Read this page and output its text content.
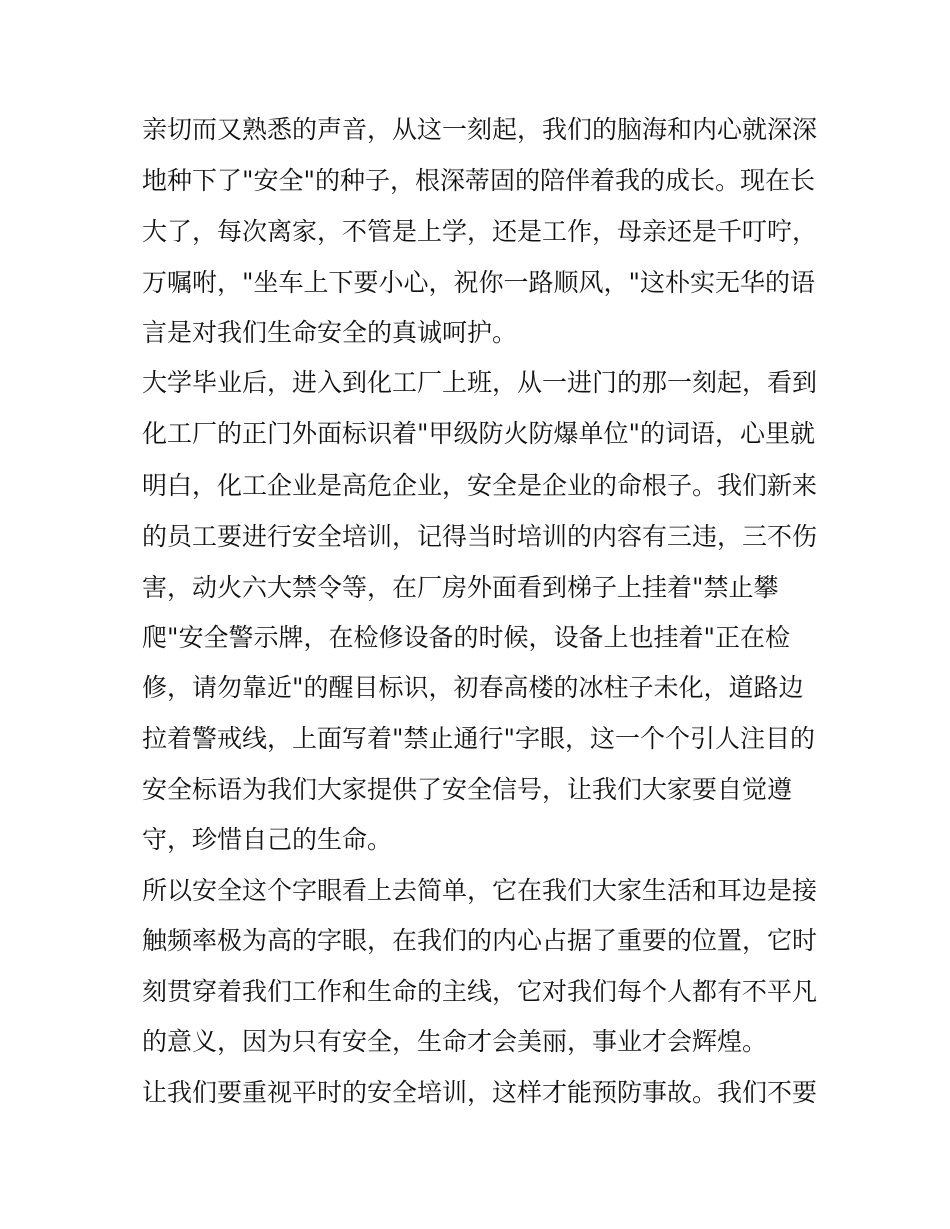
亲切而又熟悉的声音，从这一刻起，我们的脑海和内心就深深

地种下了"安全"的种子，根深蒂固的陪伴着我的成长。现在长

大了，每次离家，不管是上学，还是工作，母亲还是千叮咛，

万嘱咐，"坐车上下要小心，祝你一路顺风，"这朴实无华的语

言是对我们生命安全的真诚呵护。

大学毕业后，进入到化工厂上班，从一进门的那一刻起，看到

化工厂的正门外面标识着"甲级防火防爆单位"的词语，心里就

明白，化工企业是高危企业，安全是企业的命根子。我们新来

的员工要进行安全培训，记得当时培训的内容有三违，三不伤

害，动火六大禁令等，在厂房外面看到梯子上挂着"禁止攀

爬"安全警示牌，在检修设备的时候，设备上也挂着"正在检

修，请勿靠近"的醒目标识，初春高楼的冰柱子未化，道路边

拉着警戒线，上面写着"禁止通行"字眼，这一个个引人注目的

安全标语为我们大家提供了安全信号，让我们大家要自觉遵

守，珍惜自己的生命。

所以安全这个字眼看上去简单，它在我们大家生活和耳边是接

触频率极为高的字眼，在我们的内心占据了重要的位置，它时

刻贯穿着我们工作和生命的主线，它对我们每个人都有不平凡

的意义，因为只有安全，生命才会美丽，事业才会辉煌。

让我们要重视平时的安全培训，这样才能预防事故。我们不要
